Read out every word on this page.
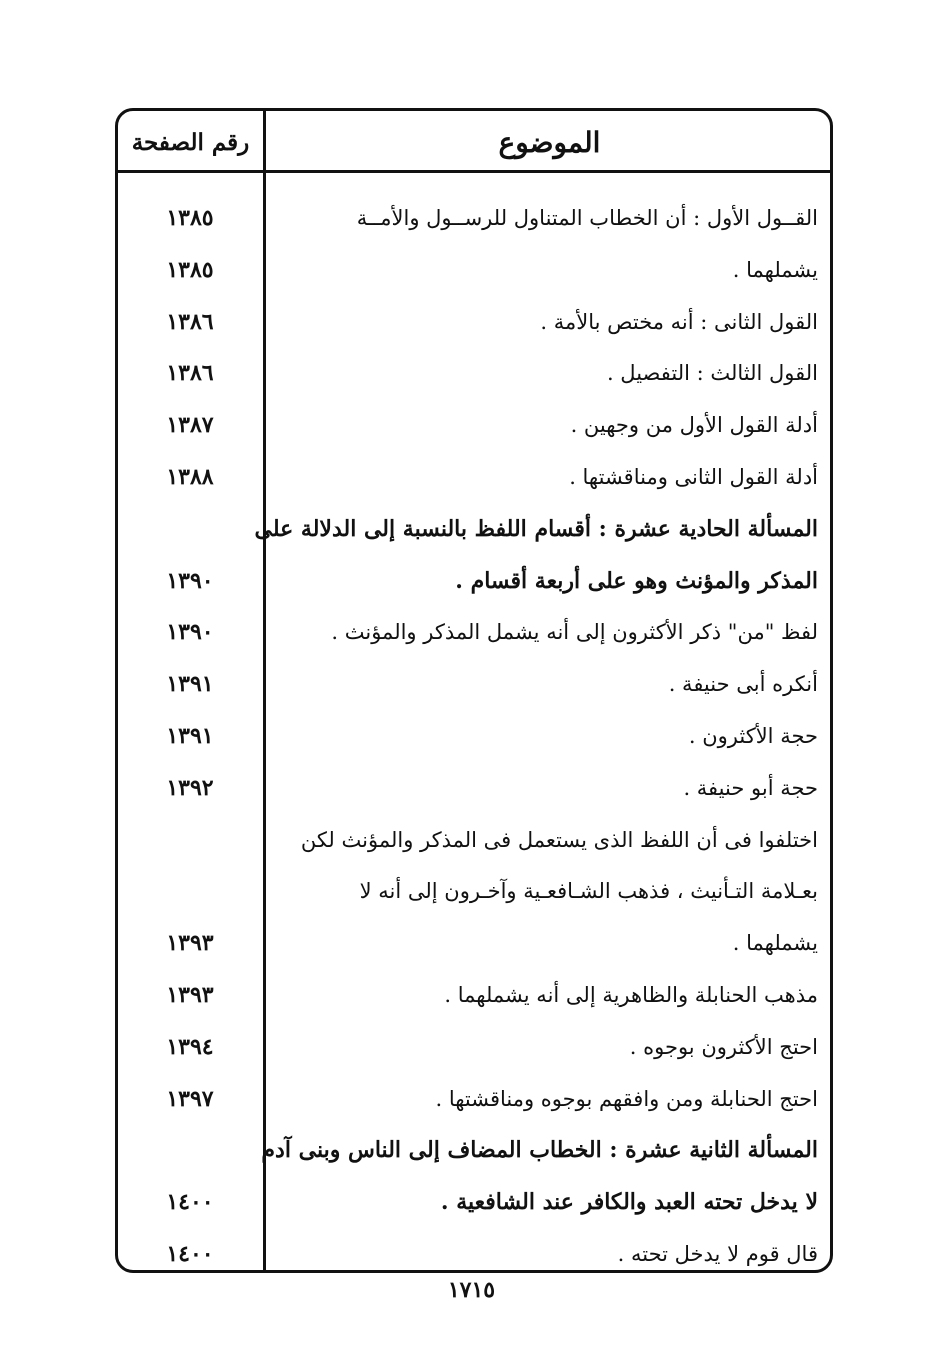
الموضوع
رقم الصفحة
القــول الأول : أن الخطاب المتناول للرســول والأمــة
١٣٨٥
يشملهما .
١٣٨٥
القول الثانى : أنه مختص بالأمة .
١٣٨٦
القول الثالث : التفصيل .
١٣٨٦
أدلة القول الأول من وجهين .
١٣٨٧
أدلة القول الثانى ومناقشتها .
١٣٨٨
المسألة الحادية عشرة : أقسام اللفظ بالنسبة إلى الدلالة على
المذكر والمؤنث وهو على أربعة أقسام .
١٣٩٠
لفظ "من" ذكر الأكثرون إلى أنه يشمل المذكر والمؤنث .
١٣٩٠
أنكره أبى حنيفة .
١٣٩١
حجة الأكثرون .
١٣٩١
حجة أبو حنيفة .
١٣٩٢
اختلفوا فى أن اللفظ الذى يستعمل فى المذكر والمؤنث لكن
بعـلامة التـأنيث ، فذهب الشـافعـية وآخـرون إلى أنه لا
يشملهما .
١٣٩٣
مذهب الحنابلة والظاهرية إلى أنه يشملهما .
١٣٩٣
احتج الأكثرون بوجوه .
١٣٩٤
احتج الحنابلة ومن وافقهم بوجوه ومناقشتها .
١٣٩٧
المسألة الثانية عشرة : الخطاب المضاف إلى الناس وبنى آدم
لا يدخل تحته العبد والكافر عند الشافعية .
١٤٠٠
قال قوم لا يدخل تحته .
١٤٠٠
١٧١٥
